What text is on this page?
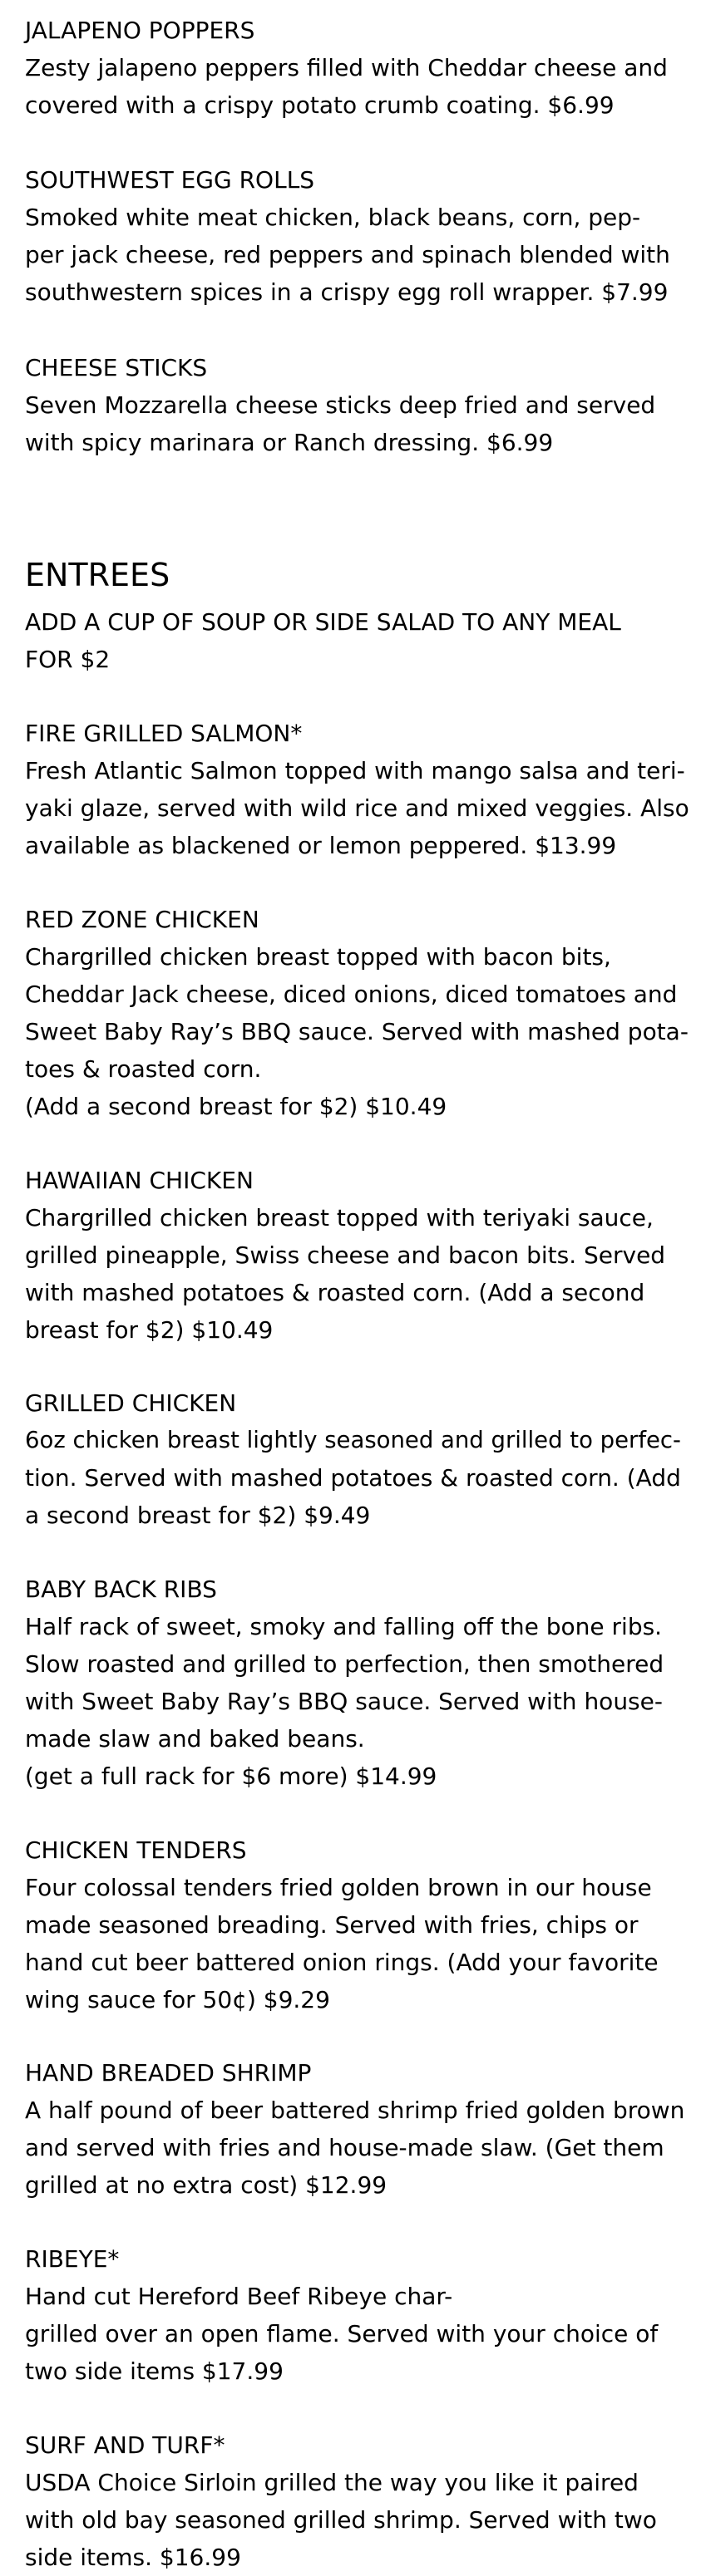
JALAPENO POPPERS
Zesty jalapeno peppers filled with Cheddar cheese and
covered with a crispy potato crumb coating. $6.99
SOUTHWEST EGG ROLLS
Smoked white meat chicken, black beans, corn, pep-
per jack cheese, red peppers and spinach blended with
southwestern spices in a crispy egg roll wrapper. $7.99
CHEESE STICKS
Seven Mozzarella cheese sticks deep fried and served
with spicy marinara or Ranch dressing. $6.99
ENTREES
ADD A CUP OF SOUP OR SIDE SALAD TO ANY MEAL
FOR $2
FIRE GRILLED SALMON*
Fresh Atlantic Salmon topped with mango salsa and teri-
yaki glaze, served with wild rice and mixed veggies. Also
available as blackened or lemon peppered. $13.99
RED ZONE CHICKEN
Chargrilled chicken breast topped with bacon bits,
Cheddar Jack cheese, diced onions, diced tomatoes and
Sweet Baby Ray’s BBQ sauce. Served with mashed pota-
toes & roasted corn.
(Add a second breast for $2) $10.49
HAWAIIAN CHICKEN
Chargrilled chicken breast topped with teriyaki sauce,
grilled pineapple, Swiss cheese and bacon bits. Served
with mashed potatoes & roasted corn. (Add a second
breast for $2) $10.49
GRILLED CHICKEN
6oz chicken breast lightly seasoned and grilled to perfec-
tion. Served with mashed potatoes & roasted corn. (Add
a second breast for $2) $9.49
BABY BACK RIBS
Half rack of sweet, smoky and falling off the bone ribs.
Slow roasted and grilled to perfection, then smothered
with Sweet Baby Ray’s BBQ sauce. Served with house-
made slaw and baked beans.
(get a full rack for $6 more) $14.99
CHICKEN TENDERS
Four colossal tenders fried golden brown in our house
made seasoned breading. Served with fries, chips or
hand cut beer battered onion rings. (Add your favorite
wing sauce for 50¢) $9.29
HAND BREADED SHRIMP
A half pound of beer battered shrimp fried golden brown
and served with fries and house-made slaw. (Get them
grilled at no extra cost) $12.99
RIBEYE*
Hand cut Hereford Beef Ribeye char-
grilled over an open flame. Served with your choice of
two side items $17.99
SURF AND TURF*
USDA Choice Sirloin grilled the way you like it paired
with old bay seasoned grilled shrimp. Served with two
side items. $16.99
